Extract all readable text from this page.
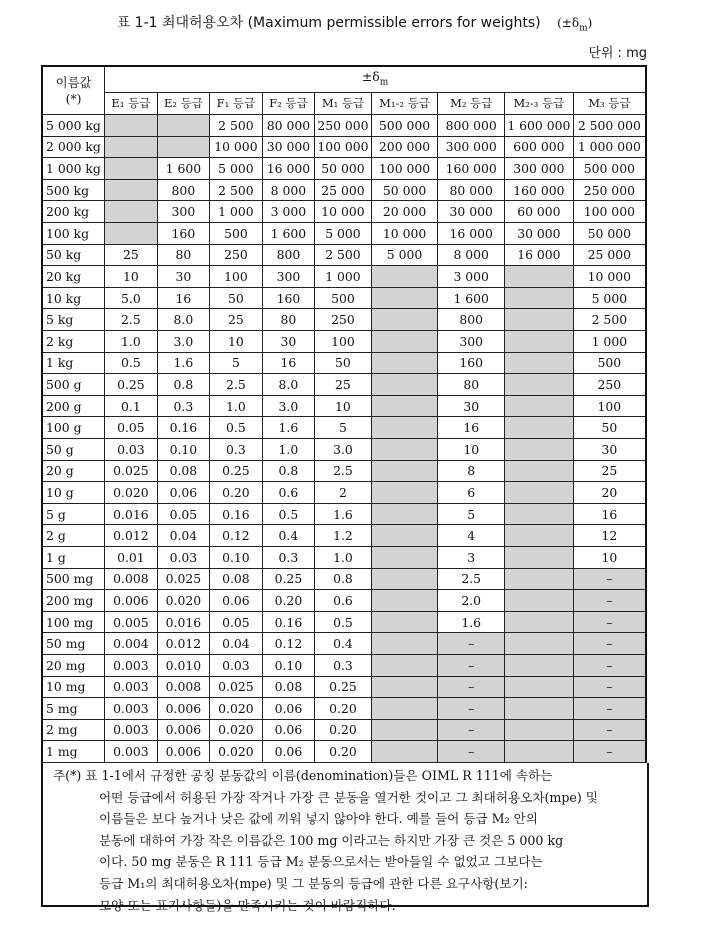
표 1-1 최대허용오차 (Maximum permissible errors for weights) $(\pm\delta_m)$
단위 : mg
이름값
(*)	$\pm\delta_m$
	E₁ 등급	E₂ 등급	F₁ 등급	F₂ 등급	M₁ 등급	M₁-₂ 등급	M₂ 등급	M₂-₃ 등급	M₃ 등급
5 000 kg			2 500	80 000	250 000	500 000	800 000	1 600 000	2 500 000
2 000 kg			10 000	30 000	100 000	200 000	300 000	600 000	1 000 000
1 000 kg		1 600	5 000	16 000	50 000	100 000	160 000	300 000	500 000
500 kg		800	2 500	8 000	25 000	50 000	80 000	160 000	250 000
200 kg		300	1 000	3 000	10 000	20 000	30 000	60 000	100 000
100 kg		160	500	1 600	5 000	10 000	16 000	30 000	50 000
50 kg	25	80	250	800	2 500	5 000	8 000	16 000	25 000
20 kg	10	30	100	300	1 000		3 000		10 000
10 kg	5.0	16	50	160	500		1 600		5 000
5 kg	2.5	8.0	25	80	250		800		2 500
2 kg	1.0	3.0	10	30	100		300		1 000
1 kg	0.5	1.6	5	16	50		160		500
500 g	0.25	0.8	2.5	8.0	25		80		250
200 g	0.1	0.3	1.0	3.0	10		30		100
100 g	0.05	0.16	0.5	1.6	5		16		50
50 g	0.03	0.10	0.3	1.0	3.0		10		30
20 g	0.025	0.08	0.25	0.8	2.5		8		25
10 g	0.020	0.06	0.20	0.6	2		6		20
5 g	0.016	0.05	0.16	0.5	1.6		5		16
2 g	0.012	0.04	0.12	0.4	1.2		4		12
1 g	0.01	0.03	0.10	0.3	1.0		3		10
500 mg	0.008	0.025	0.08	0.25	0.8		2.5		–
200 mg	0.006	0.020	0.06	0.20	0.6		2.0		–
100 mg	0.005	0.016	0.05	0.16	0.5		1.6		–
50 mg	0.004	0.012	0.04	0.12	0.4		–		–
20 mg	0.003	0.010	0.03	0.10	0.3		–		–
10 mg	0.003	0.008	0.025	0.08	0.25		–		–
5 mg	0.003	0.006	0.020	0.06	0.20		–		–
2 mg	0.003	0.006	0.020	0.06	0.20		–		–
1 mg	0.003	0.006	0.020	0.06	0.20		–		–
주(*) 표 1-1에서 규정한 공칭 분동값의 이름(denomination)들은 OIML R 111에 속하는
어떤 등급에서 허용된 가장 작거나 가장 큰 분동을 열거한 것이고 그 최대허용오차(mpe) 및
이름들은 보다 높거나 낮은 값에 끼워 넣지 않아야 한다. 예를 들어 등급 M₂ 안의
분동에 대하여 가장 작은 이름값은 100 mg 이라고는 하지만 가장 큰 것은 5 000 kg
이다. 50 mg 분동은 R 111 등급 M₂ 분동으로서는 받아들일 수 없었고 그보다는
등급 M₁의 최대허용오차(mpe) 및 그 분동의 등급에 관한 다른 요구사항(보기:
모양 또는 표기사항들)을 만족시키는 것이 바람직하다.
